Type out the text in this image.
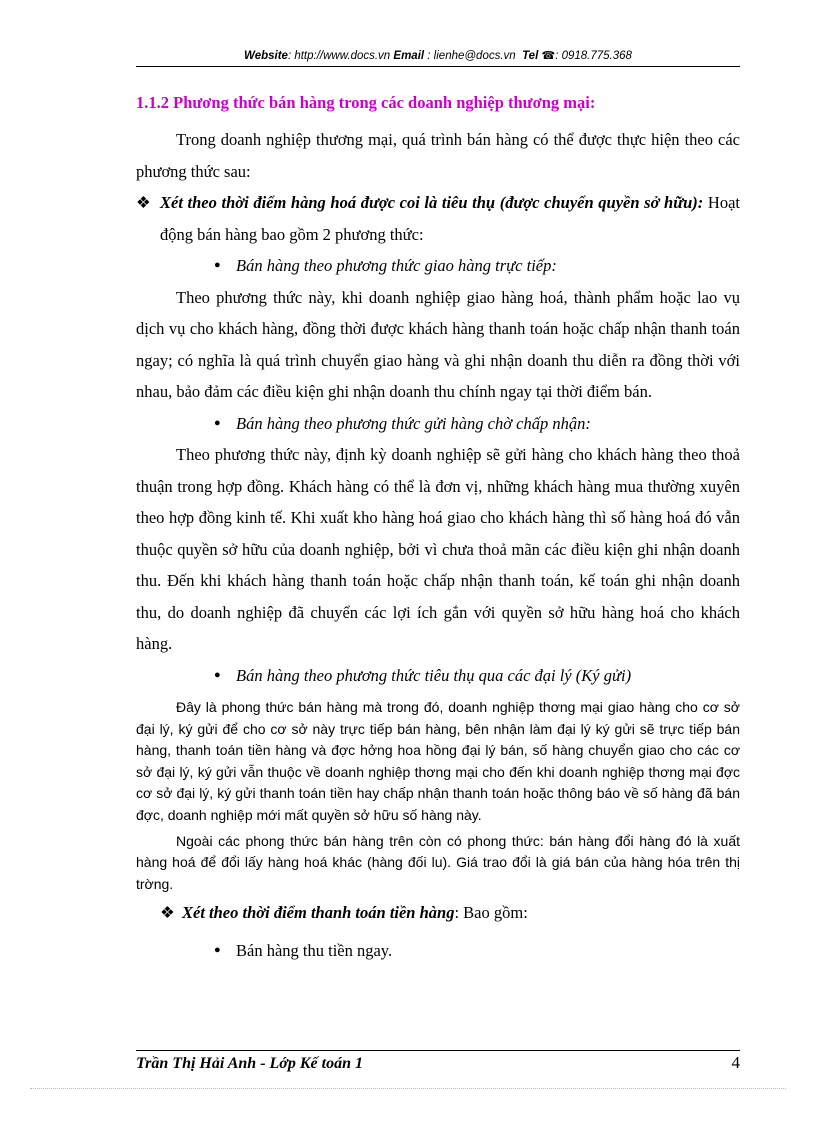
Website: http://www.docs.vn Email : lienhe@docs.vn Tel ☎: 0918.775.368

1.1.2 Phương thức bán hàng trong các doanh nghiệp thương mại:

Trong doanh nghiệp thương mại, quá trình bán hàng có thể được thực hiện theo các phương thức sau:

❖ Xét theo thời điểm hàng hoá được coi là tiêu thụ (được chuyển quyền sở hữu): Hoạt động bán hàng bao gồm 2 phương thức:

● Bán hàng theo phương thức giao hàng trực tiếp:

Theo phương thức này, khi doanh nghiệp giao hàng hoá, thành phẩm hoặc lao vụ dịch vụ cho khách hàng, đồng thời được khách hàng thanh toán hoặc chấp nhận thanh toán ngay; có nghĩa là quá trình chuyển giao hàng và ghi nhận doanh thu diễn ra đồng thời với nhau, bảo đảm các điều kiện ghi nhận doanh thu chính ngay tại thời điểm bán.

● Bán hàng theo phương thức gửi hàng chờ chấp nhận:

Theo phương thức này, định kỳ doanh nghiệp sẽ gửi hàng cho khách hàng theo thoả thuận trong hợp đồng. Khách hàng có thể là đơn vị, những khách hàng mua thường xuyên theo hợp đồng kinh tế. Khi xuất kho hàng hoá giao cho khách hàng thì số hàng hoá đó vẫn thuộc quyền sở hữu của doanh nghiệp, bởi vì chưa thoả mãn các điều kiện ghi nhận doanh thu. Đến khi khách hàng thanh toán hoặc chấp nhận thanh toán, kế toán ghi nhận doanh thu, do doanh nghiệp đã chuyển các lợi ích gắn với quyền sở hữu hàng hoá cho khách hàng.

● Bán hàng theo phương thức tiêu thụ qua các đại lý (Ký gửi)

Đây là phong thức bán hàng mà trong đó, doanh nghiệp thơng mại giao hàng cho cơ sở đại lý, ký gửi để cho cơ sở này trực tiếp bán hàng, bên nhận làm đại lý ký gửi sẽ trực tiếp bán hàng, thanh toán tiền hàng và đợc hởng hoa hồng đại lý bán, số hàng chuyển giao cho các cơ sở đại lý, ký gửi vẫn thuộc về doanh nghiệp thơng mại cho đến khi doanh nghiệp thơng mại đợc cơ sở đại lý, ký gửi thanh toán tiền hay chấp nhận thanh toán hoặc thông báo về số hàng đã bán đợc, doanh nghiệp mới mất quyền sở hữu số hàng này.

Ngoài các phong thức bán hàng trên còn có phong thức: bán hàng đổi hàng đó là xuất hàng hoá để đổi lấy hàng hoá khác (hàng đối lu). Giá trao đổi là giá bán của hàng hóa trên thị trờng.

❖ Xét theo thời điểm thanh toán tiền hàng: Bao gồm:

● Bán hàng thu tiền ngay.

Trần Thị Hải Anh - Lớp Kế toán 1	4
